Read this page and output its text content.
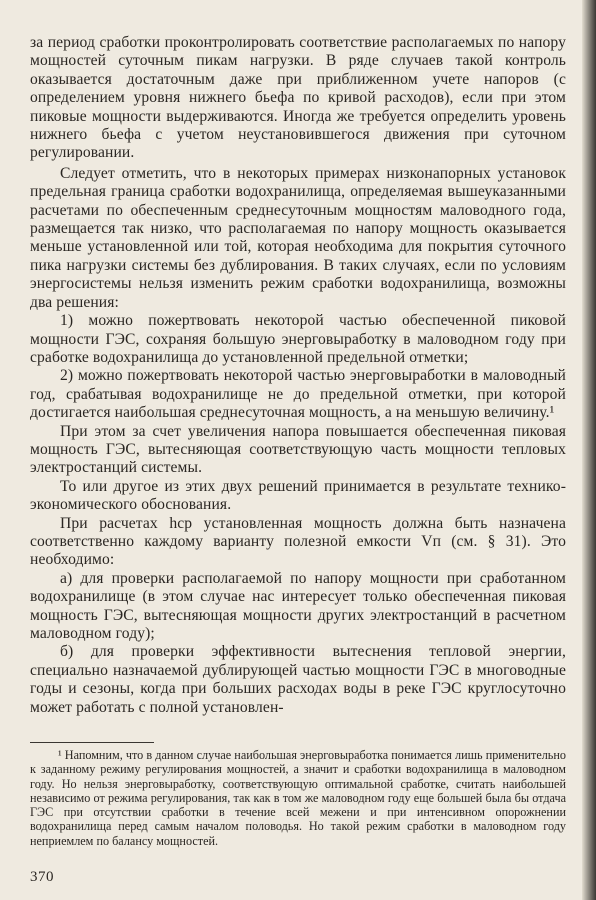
за период сработки проконтролировать соответствие располагаемых по напору мощностей суточным пикам нагрузки. В ряде случаев такой контроль оказывается достаточным даже при приближенном учете напоров (с определением уровня нижнего бьефа по кривой расходов), если при этом пиковые мощности выдерживаются. Иногда же требуется определить уровень нижнего бьефа с учетом неустановившегося движения при суточном регулировании.

Следует отметить, что в некоторых примерах низконапорных установок предельная граница сработки водохранилища, определяемая вышеуказанными расчетами по обеспеченным среднесуточным мощностям маловодного года, размещается так низко, что располагаемая по напору мощность оказывается меньше установленной или той, которая необходима для покрытия суточного пика нагрузки системы без дублирования. В таких случаях, если по условиям энергосистемы нельзя изменить режим сработки водохранилища, возможны два решения:

1) можно пожертвовать некоторой частью обеспеченной пиковой мощности ГЭС, сохраняя большую энерговыработку в маловодном году при сработке водохранилища до установленной предельной отметки;

2) можно пожертвовать некоторой частью энерговыработки в маловодный год, срабатывая водохранилище не до предельной отметки, при которой достигается наибольшая среднесуточная мощность, а на меньшую величину.¹

При этом за счет увеличения напора повышается обеспеченная пиковая мощность ГЭС, вытесняющая соответствующую часть мощности тепловых электростанций системы.

То или другое из этих двух решений принимается в результате технико-экономического обоснования.

При расчетах hср установленная мощность должна быть назначена соответственно каждому варианту полезной емкости Vп (см. § 31). Это необходимо:

а) для проверки располагаемой по напору мощности при сработанном водохранилище (в этом случае нас интересует только обеспеченная пиковая мощность ГЭС, вытесняющая мощности других электростанций в расчетном маловодном году);

б) для проверки эффективности вытеснения тепловой энергии, специально назначаемой дублирующей частью мощности ГЭС в многоводные годы и сезоны, когда при больших расходах воды в реке ГЭС круглосуточно может работать с полной установлен-

¹ Напомним, что в данном случае наибольшая энерговыработка понимается лишь применительно к заданному режиму регулирования мощностей, а значит и сработки водохранилища в маловодном году. Но нельзя энерговыработку, соответствующую оптимальной сработке, считать наибольшей независимо от режима регулирования, так как в том же маловодном году еще большей была бы отдача ГЭС при отсутствии сработки в течение всей межени и при интенсивном опорожнении водохранилища перед самым началом половодья. Но такой режим сработки в маловодном году неприемлем по балансу мощностей.

370
